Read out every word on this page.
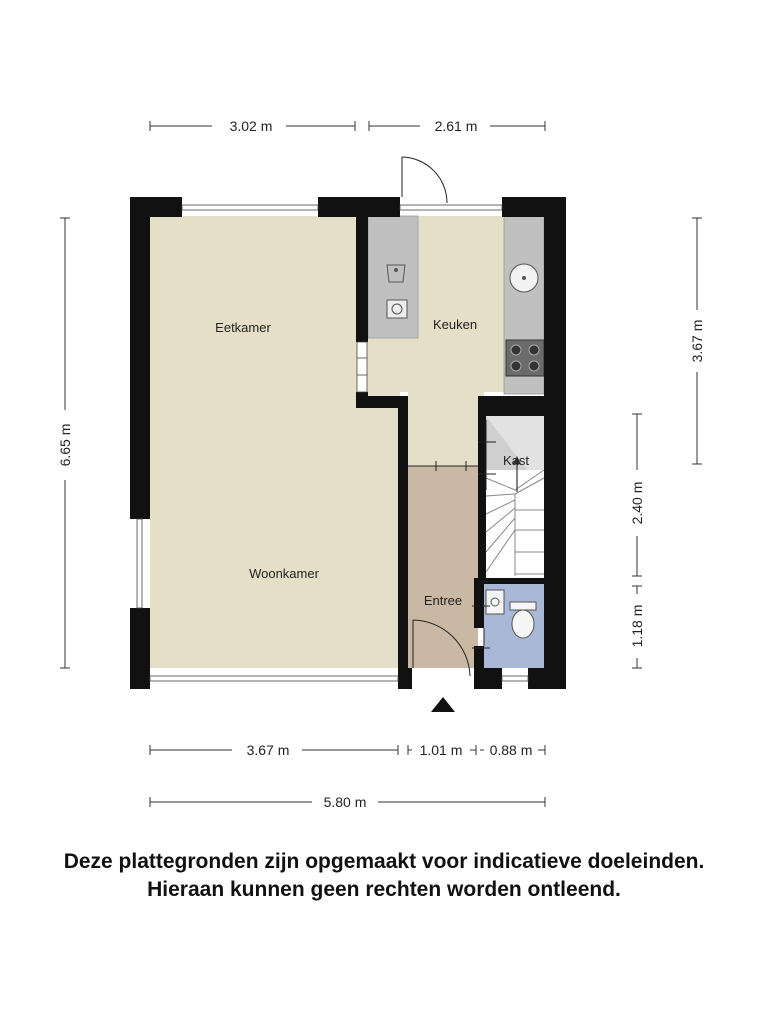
Eetkamer	Keuken
Kast
Woonkamer
Entree
3.02 m	2.61 m
6.65 m
3.67 m
2.40 m
1.18 m
3.67 m	1.01 m 0.88 m
5.80 m
Deze plattegronden zijn opgemaakt voor indicatieve doeleinden.
Hieraan kunnen geen rechten worden ontleend.
